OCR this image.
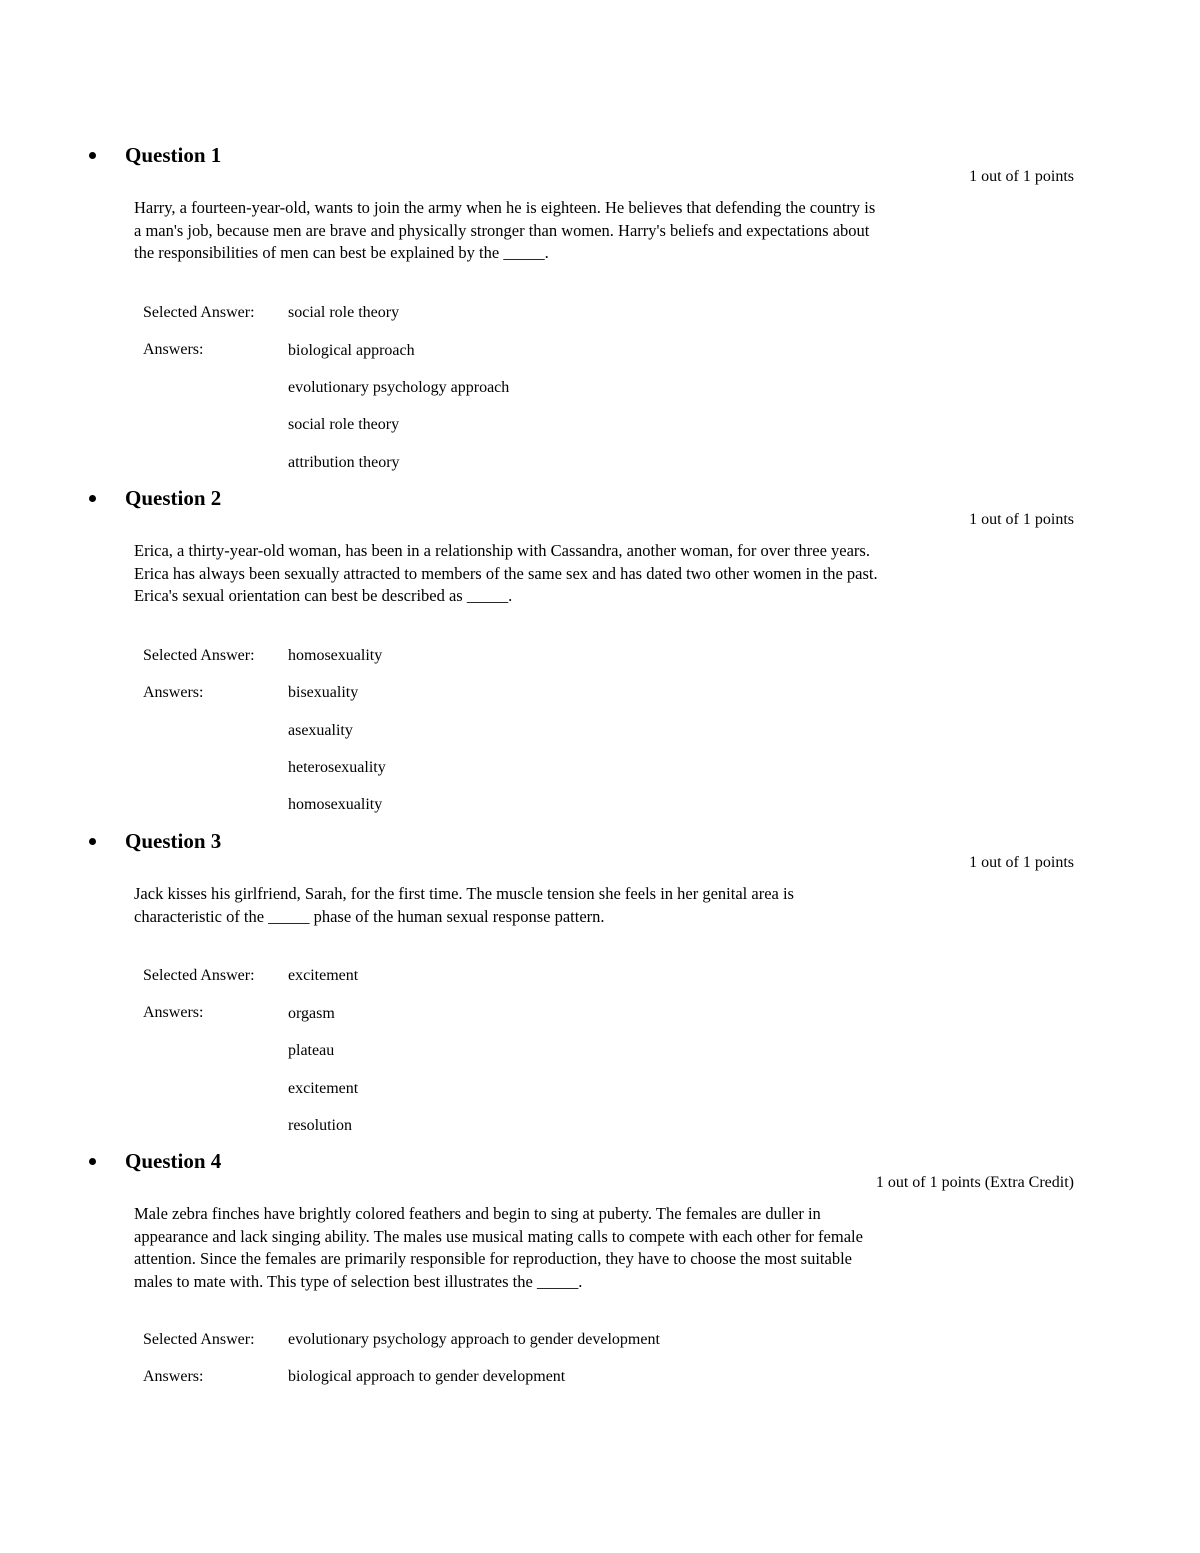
Question 1
1 out of 1 points

Harry, a fourteen-year-old, wants to join the army when he is eighteen. He believes that defending the country is

a man's job, because men are brave and physically stronger than women. Harry's beliefs and expectations about

the responsibilities of men can best be explained by the _____.

Selected Answer: social role theory
Answers:	biological approach
evolutionary psychology approach
social role theory
attribution theory
Question 2
1 out of 1 points

Erica, a thirty-year-old woman, has been in a relationship with Cassandra, another woman, for over three years.

Erica has always been sexually attracted to members of the same sex and has dated two other women in the past.

Erica's sexual orientation can best be described as _____.

Selected Answer: homosexuality
Answers:	bisexuality
asexuality
heterosexuality
homosexuality
Question 3
1 out of 1 points

Jack kisses his girlfriend, Sarah, for the first time. The muscle tension she feels in her genital area is

characteristic of the _____ phase of the human sexual response pattern.

Selected Answer: excitement
Answers:	orgasm
plateau
excitement
resolution
Question 4
1 out of 1 points (Extra Credit)

Male zebra finches have brightly colored feathers and begin to sing at puberty. The females are duller in

appearance and lack singing ability. The males use musical mating calls to compete with each other for female

attention. Since the females are primarily responsible for reproduction, they have to choose the most suitable

males to mate with. This type of selection best illustrates the _____.

Selected Answer: evolutionary psychology approach to gender development
Answers:	biological approach to gender development
